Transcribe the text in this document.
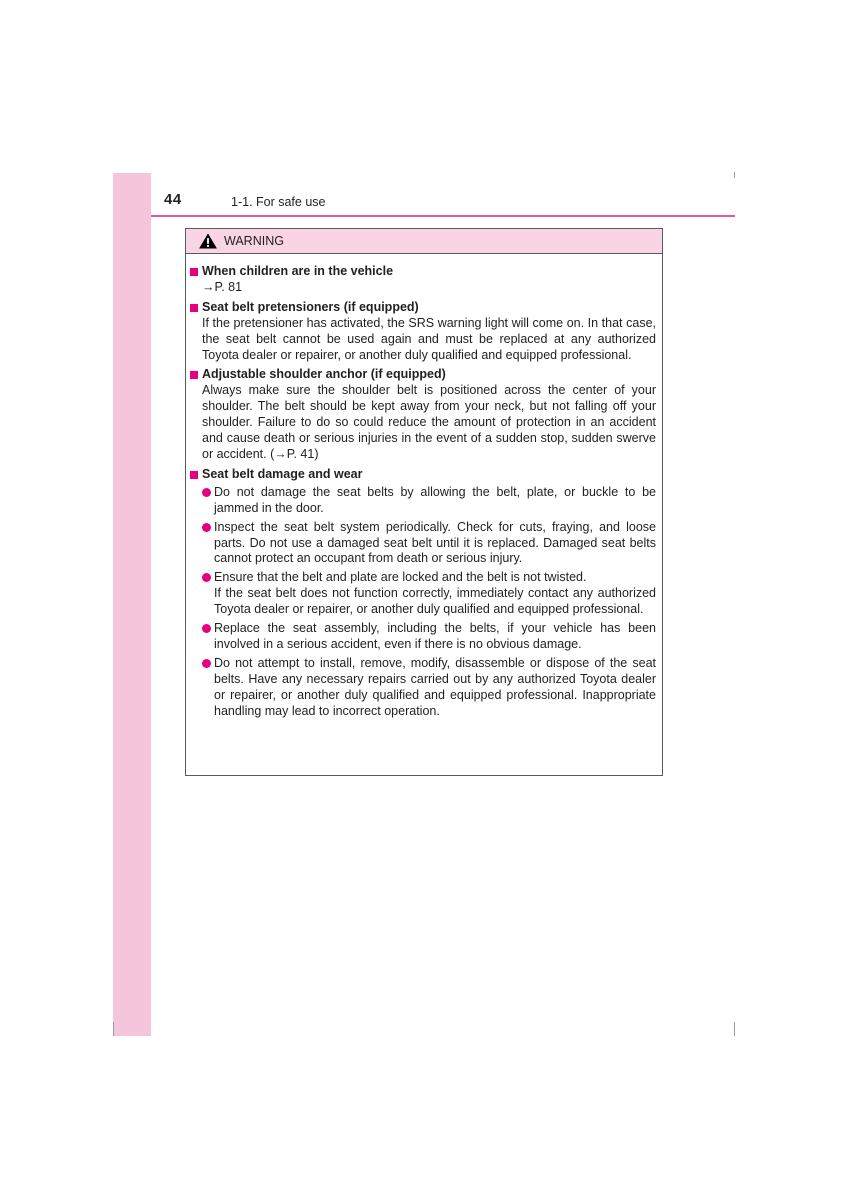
44	1-1. For safe use
WARNING
When children are in the vehicle
→P. 81
Seat belt pretensioners (if equipped)
If the pretensioner has activated, the SRS warning light will come on. In that case, the seat belt cannot be used again and must be replaced at any authorized Toyota dealer or repairer, or another duly qualified and equipped professional.
Adjustable shoulder anchor (if equipped)
Always make sure the shoulder belt is positioned across the center of your shoulder. The belt should be kept away from your neck, but not falling off your shoulder. Failure to do so could reduce the amount of protection in an accident and cause death or serious injuries in the event of a sudden stop, sudden swerve or accident. (→P. 41)
Seat belt damage and wear
Do not damage the seat belts by allowing the belt, plate, or buckle to be jammed in the door.
Inspect the seat belt system periodically. Check for cuts, fraying, and loose parts. Do not use a damaged seat belt until it is replaced. Damaged seat belts cannot protect an occupant from death or serious injury.
Ensure that the belt and plate are locked and the belt is not twisted.
If the seat belt does not function correctly, immediately contact any authorized Toyota dealer or repairer, or another duly qualified and equipped professional.
Replace the seat assembly, including the belts, if your vehicle has been involved in a serious accident, even if there is no obvious damage.
Do not attempt to install, remove, modify, disassemble or dispose of the seat belts. Have any necessary repairs carried out by any authorized Toyota dealer or repairer, or another duly qualified and equipped professional. Inappropriate handling may lead to incorrect operation.
